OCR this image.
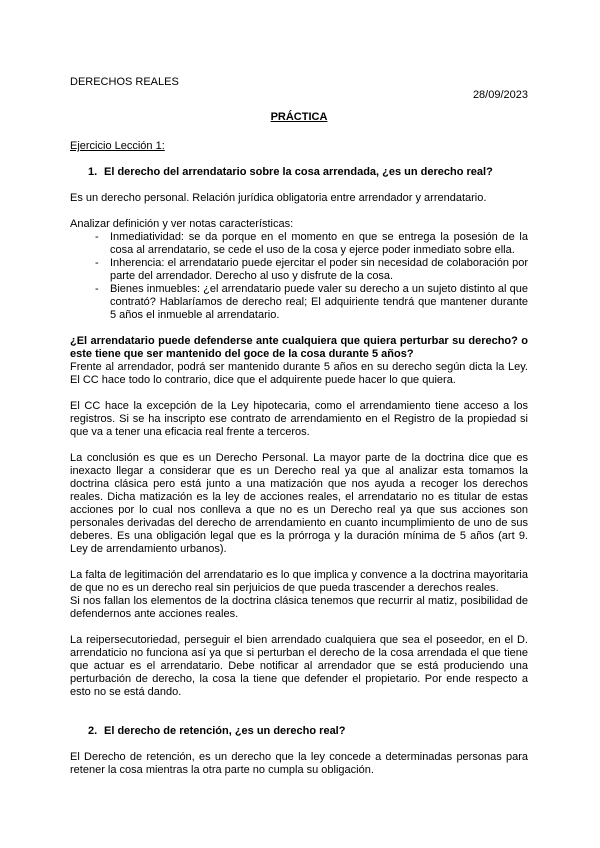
DERECHOS REALES
28/09/2023
PRÁCTICA
Ejercicio Lección 1:
1. El derecho del arrendatario sobre la cosa arrendada, ¿es un derecho real?

Es un derecho personal. Relación jurídica obligatoria entre arrendador y arrendatario.

Analizar definición y ver notas características:

- Inmediatividad: se da porque en el momento en que se entrega la posesión de la cosa al arrendatario, se cede el uso de la cosa y ejerce poder inmediato sobre ella.
- Inherencia: el arrendatario puede ejercitar el poder sin necesidad de colaboración por parte del arrendador. Derecho al uso y disfrute de la cosa.
- Bienes inmuebles: ¿el arrendatario puede valer su derecho a un sujeto distinto al que contrató? Hablaríamos de derecho real; El adquiriente tendrá que mantener durante 5 años el inmueble al arrendatario.

¿El arrendatario puede defenderse ante cualquiera que quiera perturbar su derecho? o este tiene que ser mantenido del goce de la cosa durante 5 años?

Frente al arrendador, podrá ser mantenido durante 5 años en su derecho según dicta la Ley. El CC hace todo lo contrario, dice que el adquirente puede hacer lo que quiera.

El CC hace la excepción de la Ley hipotecaria, como el arrendamiento tiene acceso a los registros. Si se ha inscripto ese contrato de arrendamiento en el Registro de la propiedad si que va a tener una eficacia real frente a terceros.

La conclusión es que es un Derecho Personal. La mayor parte de la doctrina dice que es inexacto llegar a considerar que es un Derecho real ya que al analizar esta tomamos la doctrina clásica pero está junto a una matización que nos ayuda a recoger los derechos reales. Dicha matización es la ley de acciones reales, el arrendatario no es titular de estas acciones por lo cual nos conlleva a que no es un Derecho real ya que sus acciones son personales derivadas del derecho de arrendamiento en cuanto incumplimiento de uno de sus deberes. Es una obligación legal que es la prórroga y la duración mínima de 5 años (art 9. Ley de arrendamiento urbanos).

La falta de legitimación del arrendatario es lo que implica y convence a la doctrina mayoritaria de que no es un derecho real sin perjuicios de que pueda trascender a derechos reales.

Si nos fallan los elementos de la doctrina clásica tenemos que recurrir al matiz, posibilidad de defendernos ante acciones reales.

La reipersecutoriedad, perseguir el bien arrendado cualquiera que sea el poseedor, en el D. arrendaticio no funciona así ya que si perturban el derecho de la cosa arrendada el que tiene que actuar es el arrendatario. Debe notificar al arrendador que se está produciendo una perturbación de derecho, la cosa la tiene que defender el propietario. Por ende respecto a esto no se está dando.

2. El derecho de retención, ¿es un derecho real?

El Derecho de retención, es un derecho que la ley concede a determinadas personas para retener la cosa mientras la otra parte no cumpla su obligación.
